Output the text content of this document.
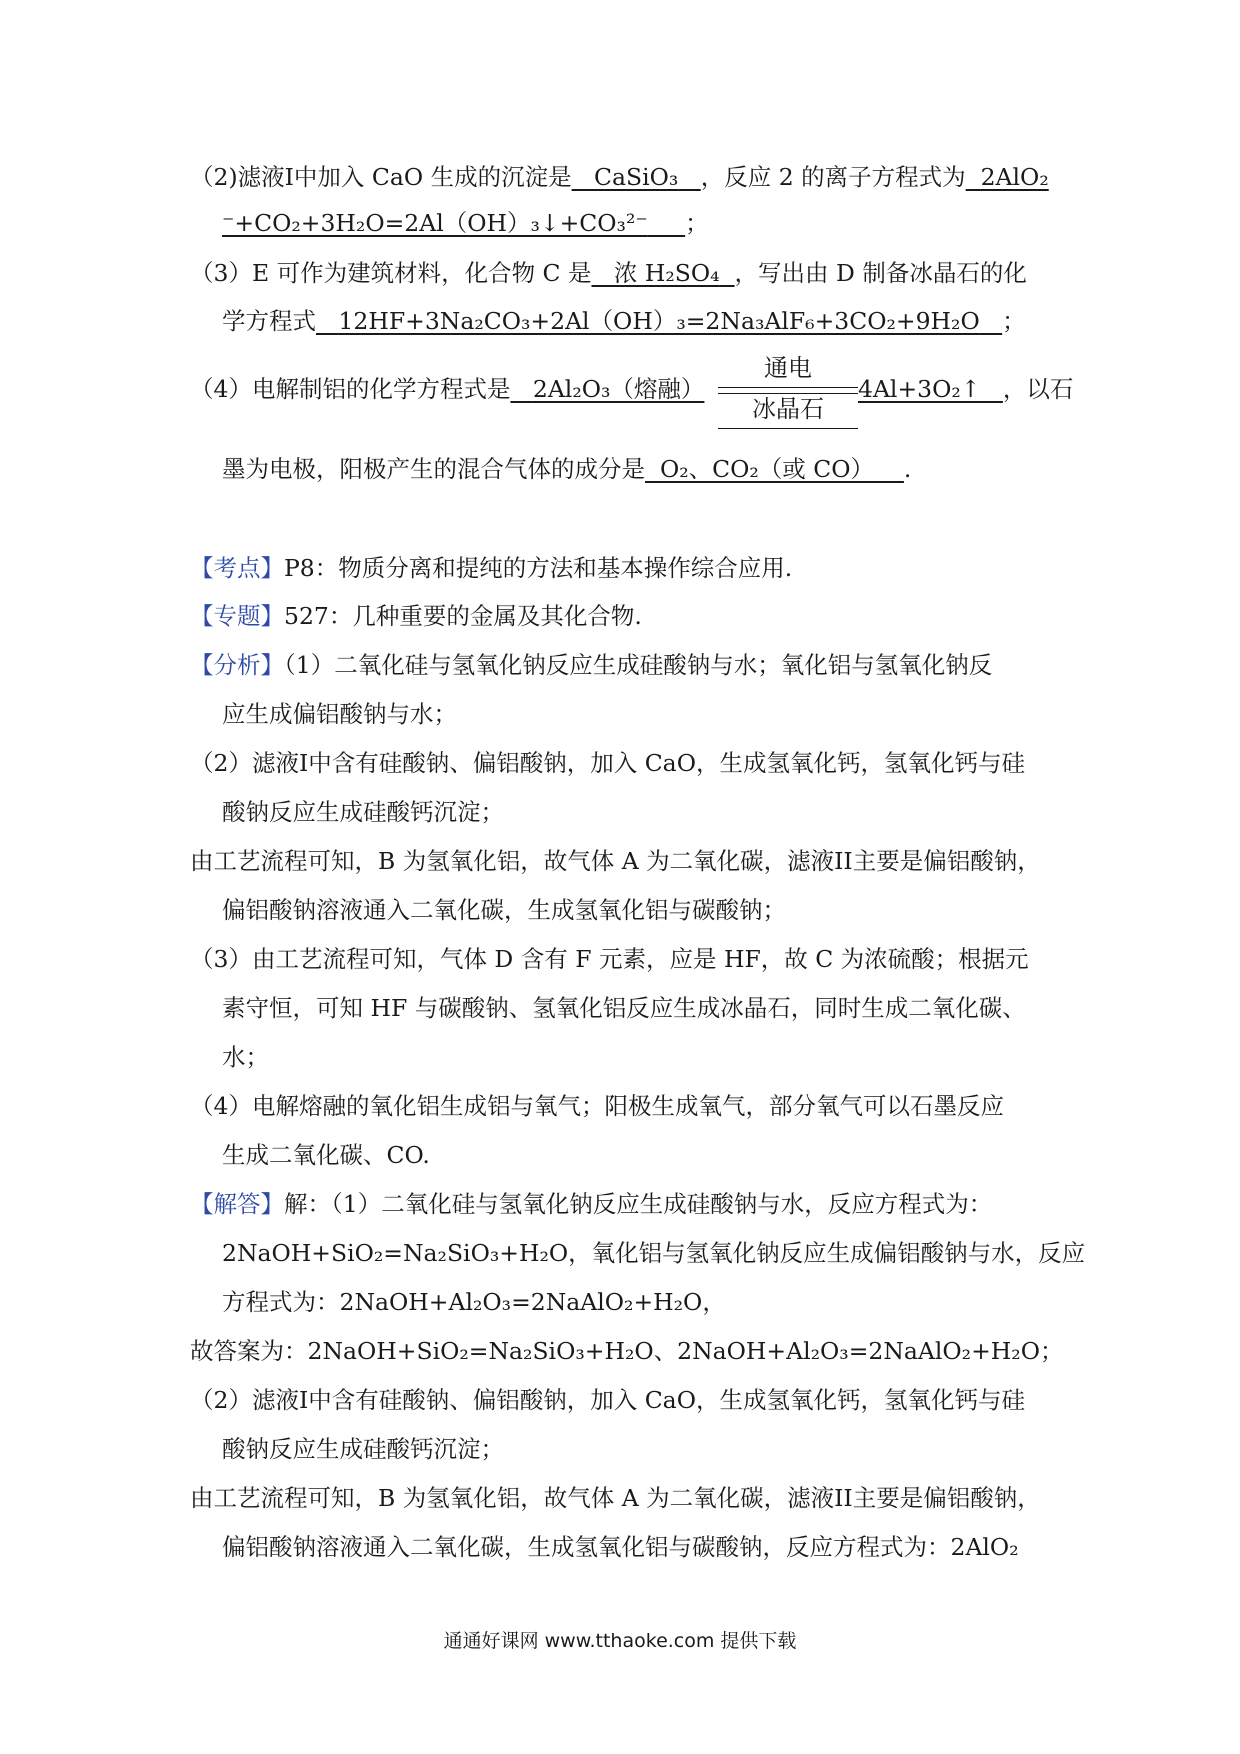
（2)滤液I中加入 CaO 生成的沉淀是 CaSiO₃ ，反应 2 的离子方程式为 2AlO₂
⁻+CO₂+3H₂O=2Al（OH）₃↓+CO₃²⁻ ；
（3）E 可作为建筑材料，化合物 C 是 浓 H₂SO₄ ，写出由 D 制备冰晶石的化
学方程式 12HF+3Na₂CO₃+2Al（OH）₃=2Na₃AlF₆+3CO₂+9H₂O ；
（4）电解制铝的化学方程式是 2Al₂O₃（熔融）
通电
冰晶石
4Al+3O₂↑ ，以石
墨为电极，阳极产生的混合气体的成分是 O₂、CO₂（或 CO） .
【考点】P8：物质分离和提纯的方法和基本操作综合应用.
【专题】527：几种重要的金属及其化合物.
【分析】（1）二氧化硅与氢氧化钠反应生成硅酸钠与水；氧化铝与氢氧化钠反
应生成偏铝酸钠与水；
（2）滤液I中含有硅酸钠、偏铝酸钠，加入 CaO，生成氢氧化钙，氢氧化钙与硅
酸钠反应生成硅酸钙沉淀；
由工艺流程可知，B 为氢氧化铝，故气体 A 为二氧化碳，滤液II主要是偏铝酸钠，
偏铝酸钠溶液通入二氧化碳，生成氢氧化铝与碳酸钠；
（3）由工艺流程可知，气体 D 含有 F 元素，应是 HF，故 C 为浓硫酸；根据元
素守恒，可知 HF 与碳酸钠、氢氧化铝反应生成冰晶石，同时生成二氧化碳、
水；
（4）电解熔融的氧化铝生成铝与氧气；阳极生成氧气，部分氧气可以石墨反应
生成二氧化碳、CO.
【解答】解：（1）二氧化硅与氢氧化钠反应生成硅酸钠与水，反应方程式为：
2NaOH+SiO₂=Na₂SiO₃+H₂O，氧化铝与氢氧化钠反应生成偏铝酸钠与水，反应
方程式为：2NaOH+Al₂O₃=2NaAlO₂+H₂O，
故答案为：2NaOH+SiO₂=Na₂SiO₃+H₂O、2NaOH+Al₂O₃=2NaAlO₂+H₂O；
（2）滤液I中含有硅酸钠、偏铝酸钠，加入 CaO，生成氢氧化钙，氢氧化钙与硅
酸钠反应生成硅酸钙沉淀；
由工艺流程可知，B 为氢氧化铝，故气体 A 为二氧化碳，滤液II主要是偏铝酸钠，
偏铝酸钠溶液通入二氧化碳，生成氢氧化铝与碳酸钠，反应方程式为：2AlO₂
通通好课网 www.tthaoke.com 提供下载
